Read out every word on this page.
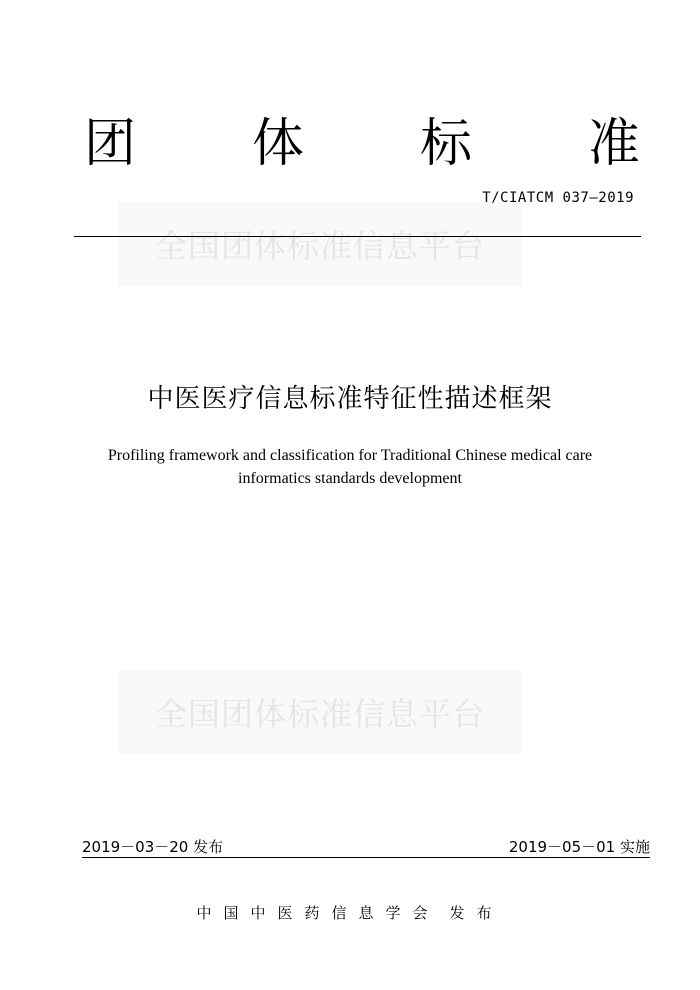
团 体 标 准
T/CIATCM 037—2019
全国团体标准信息平台
中医医疗信息标准特征性描述框架
Profiling framework and classification for Traditional Chinese medical care
informatics standards development
全国团体标准信息平台
2019－03－20 发布	2019－05－01 实施
中国中医药信息学会 发布
